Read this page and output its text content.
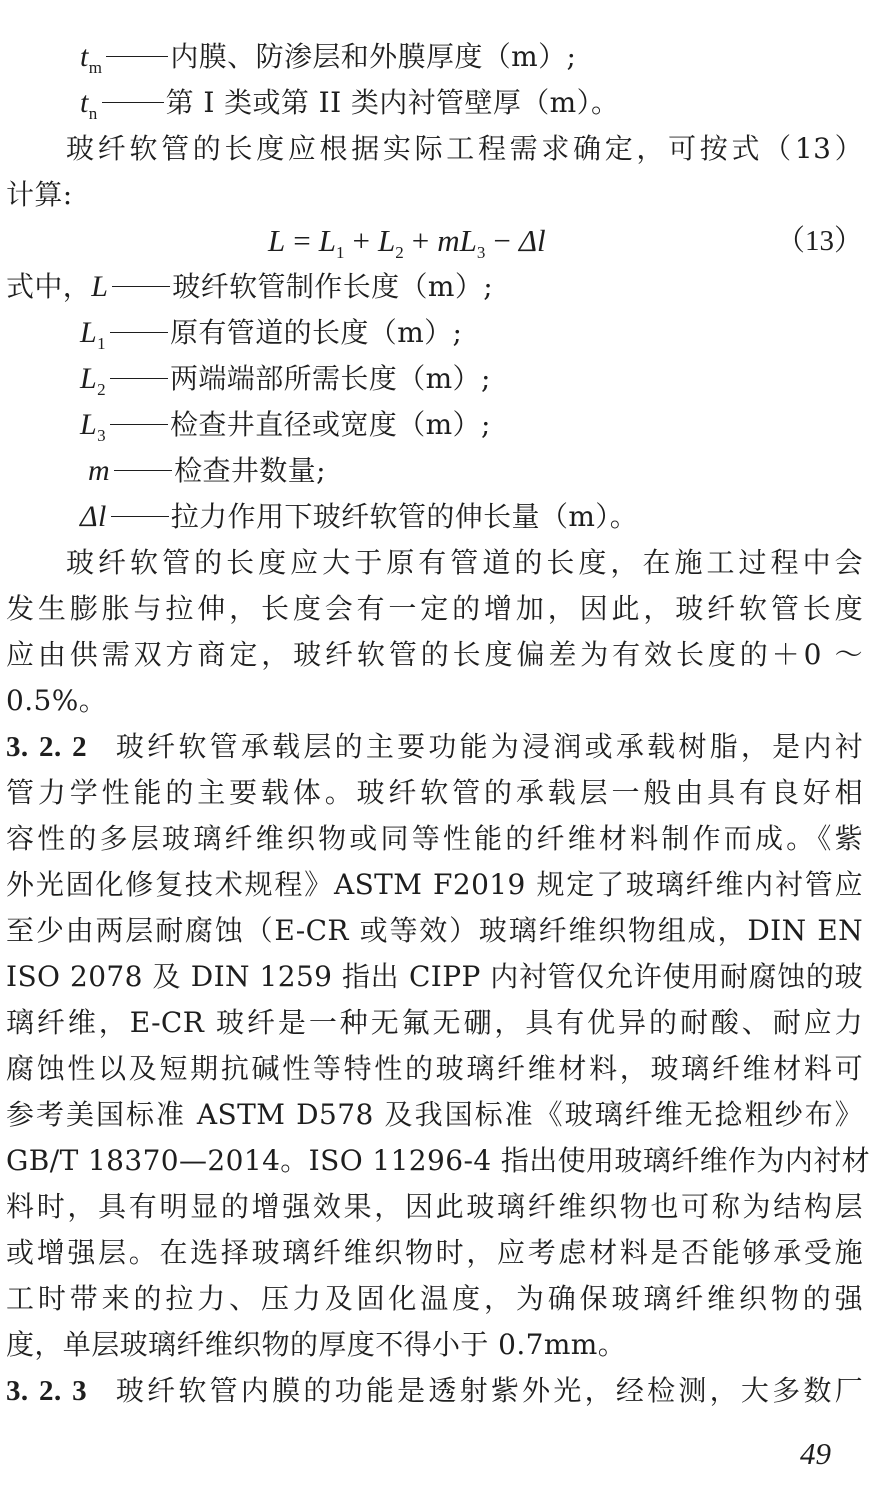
$t_m$ 内膜、防渗层和外膜厚度（m）;
$t_n$ 第 I 类或第 II 类内衬管壁厚（m）。
玻纤软管的长度应根据实际工程需求确定，可按式（13）
计算:
$L = L_1 + L_2 + mL_3 - \Delta l$	（13）
式中，L 玻纤软管制作长度（m）;
$L_1$ 原有管道的长度（m）;
$L_2$ 两端端部所需长度（m）;
$L_3$ 检查井直径或宽度（m）;
m 检查井数量;
Δl 拉力作用下玻纤软管的伸长量（m）。
玻纤软管的长度应大于原有管道的长度，在施工过程中会
发生膨胀与拉伸，长度会有一定的增加，因此，玻纤软管长度
应由供需双方商定，玻纤软管的长度偏差为有效长度的＋0 ～
0.5%。
3. 2. 2 玻纤软管承载层的主要功能为浸润或承载树脂，是内衬
管力学性能的主要载体。玻纤软管的承载层一般由具有良好相
容性的多层玻璃纤维织物或同等性能的纤维材料制作而成。《紫
外光固化修复技术规程》ASTM F2019 规定了玻璃纤维内衬管应
至少由两层耐腐蚀（E-CR 或等效）玻璃纤维织物组成，DIN EN
ISO 2078 及 DIN 1259 指出 CIPP 内衬管仅允许使用耐腐蚀的玻
璃纤维，E-CR 玻纤是一种无氟无硼，具有优异的耐酸、耐应力
腐蚀性以及短期抗碱性等特性的玻璃纤维材料，玻璃纤维材料可
参考美国标准 ASTM D578 及我国标准《玻璃纤维无捻粗纱布》
GB/T 18370—2014。ISO 11296-4 指出使用玻璃纤维作为内衬材
料时，具有明显的增强效果，因此玻璃纤维织物也可称为结构层
或增强层。在选择玻璃纤维织物时，应考虑材料是否能够承受施
工时带来的拉力、压力及固化温度，为确保玻璃纤维织物的强
度，单层玻璃纤维织物的厚度不得小于 0.7mm。
3. 2. 3 玻纤软管内膜的功能是透射紫外光，经检测，大多数厂
49
